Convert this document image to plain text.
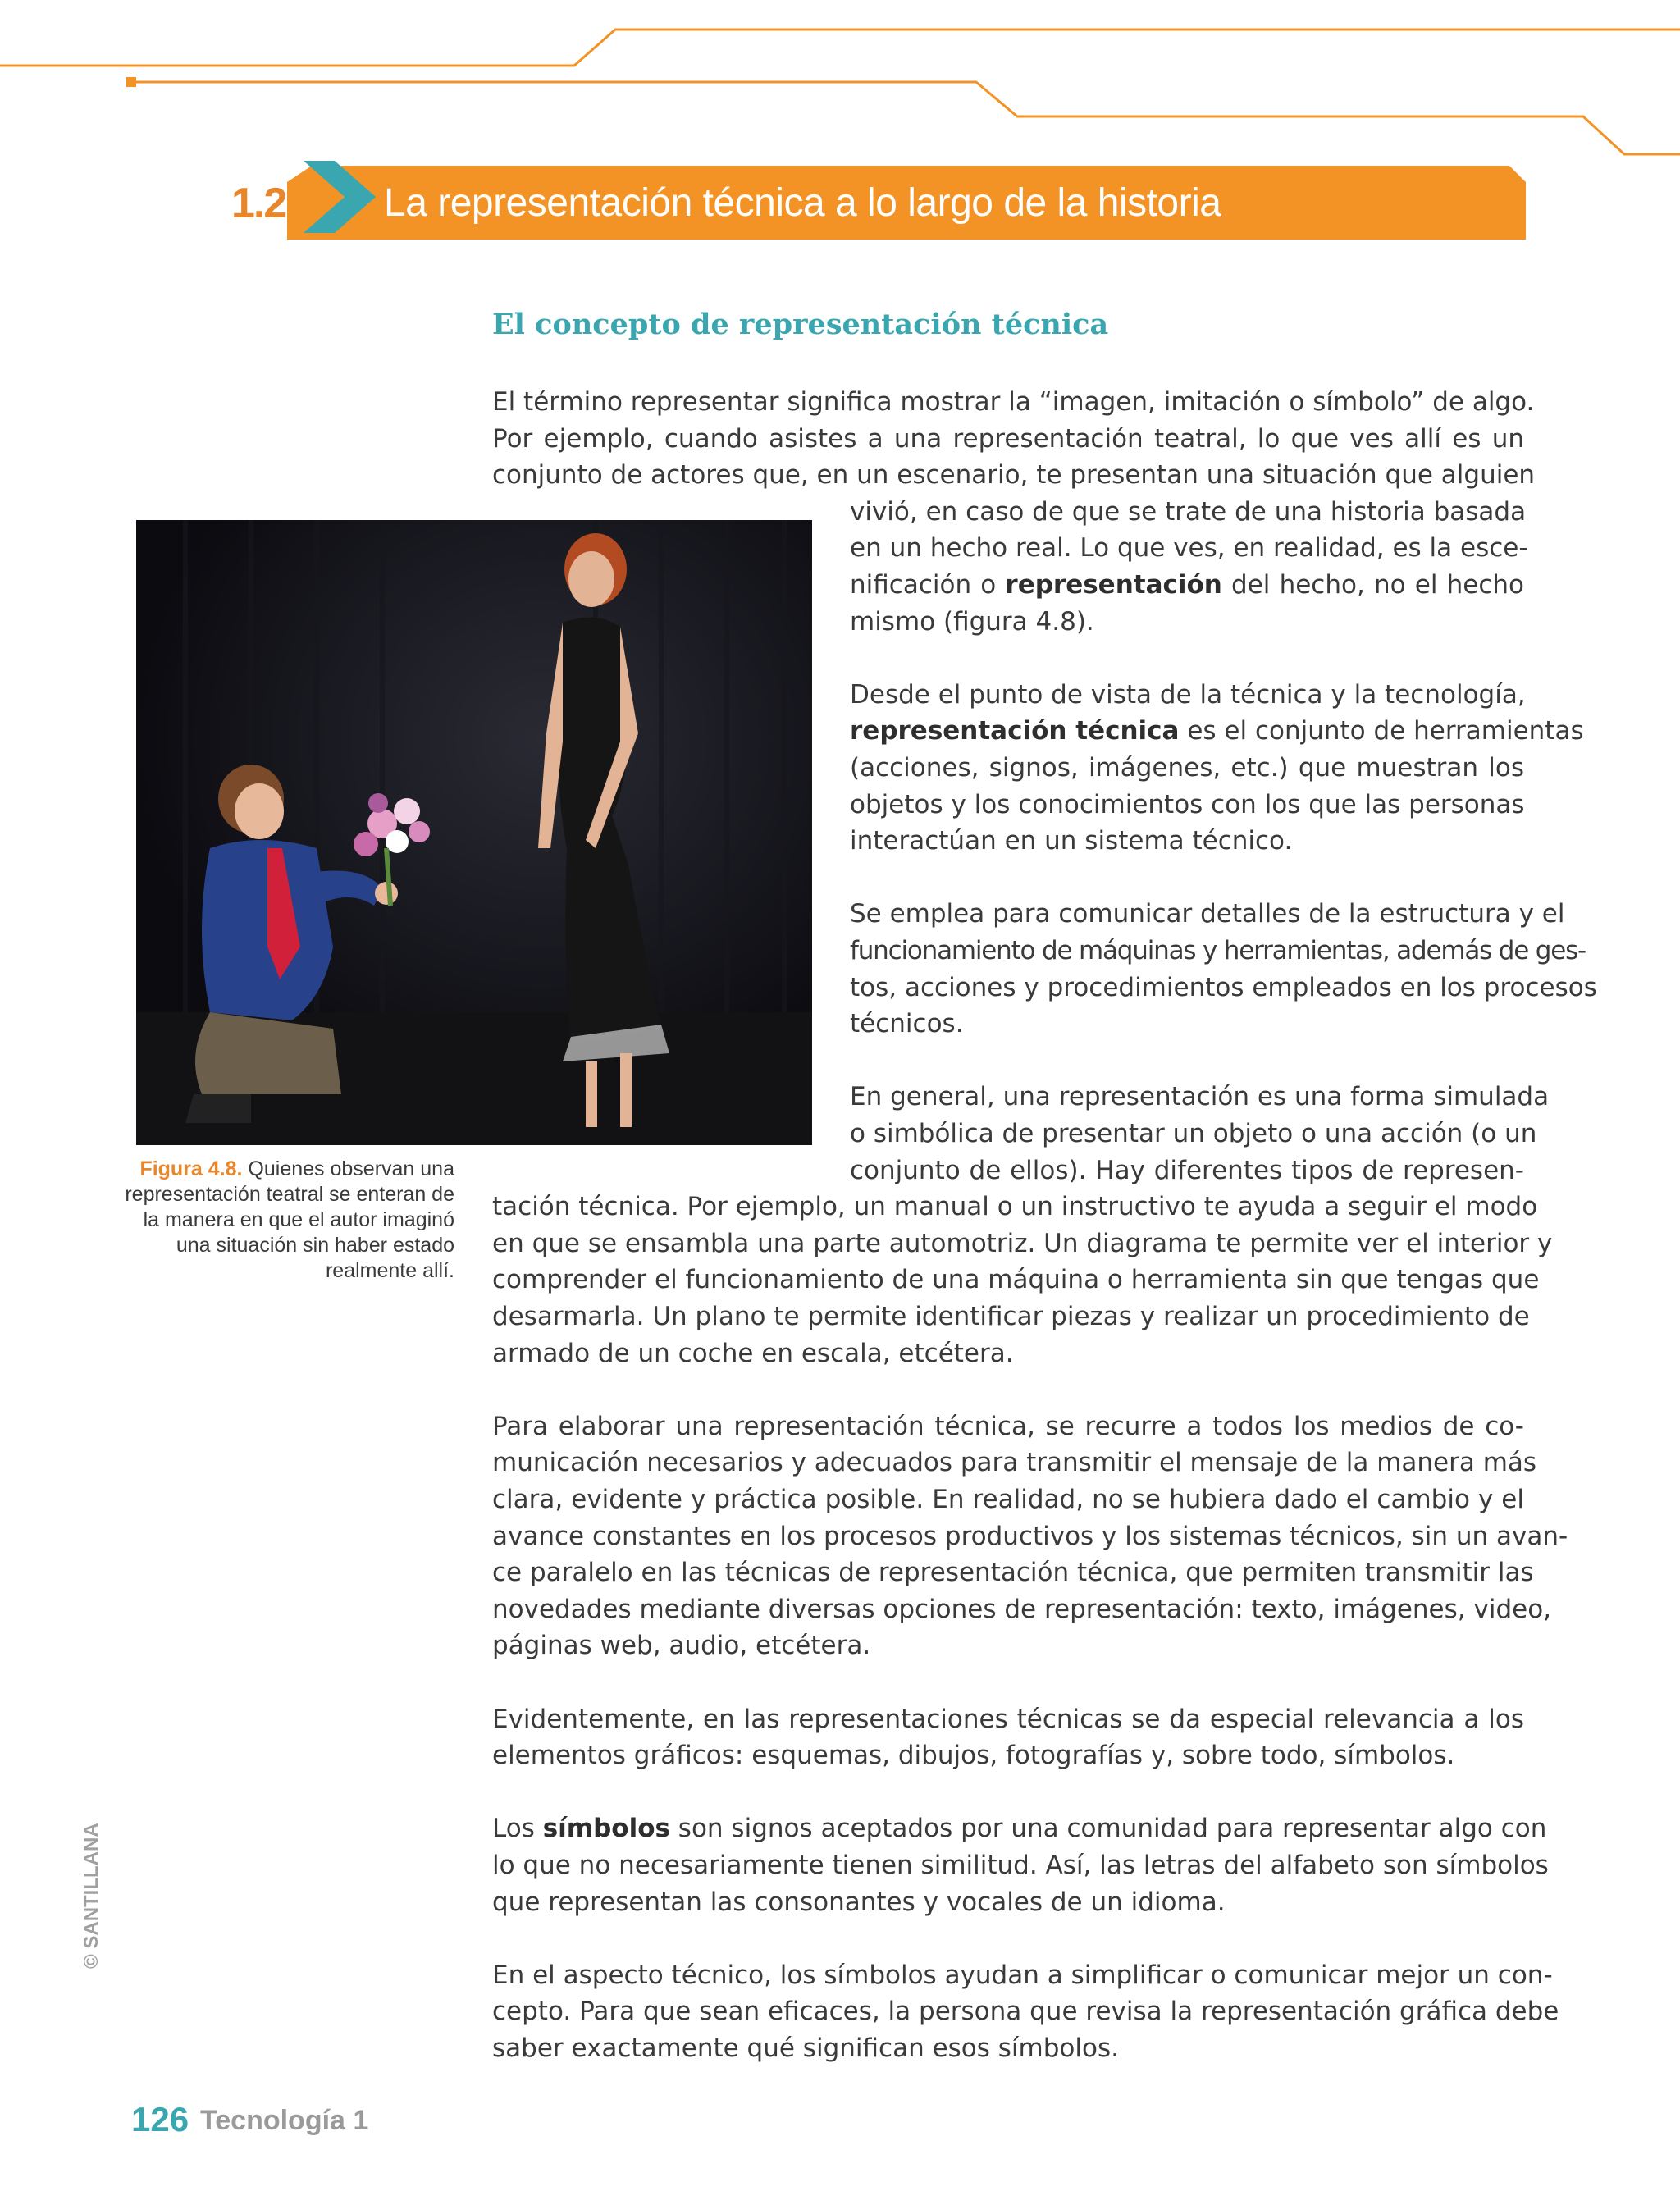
1.2 La representación técnica a lo largo de la historia
El concepto de representación técnica
El término representar significa mostrar la “imagen, imitación o símbolo” de algo.
Por ejemplo, cuando asistes a una representación teatral, lo que ves allí es un
conjunto de actores que, en un escenario, te presentan una situación que alguien
vivió, en caso de que se trate de una historia basada
en un hecho real. Lo que ves, en realidad, es la esce-
nificación o representación del hecho, no el hecho
mismo (figura 4.8).
Desde el punto de vista de la técnica y la tecnología,
representación técnica es el conjunto de herramientas
(acciones, signos, imágenes, etc.) que muestran los
objetos y los conocimientos con los que las personas
interactúan en un sistema técnico.
Se emplea para comunicar detalles de la estructura y el
funcionamiento de máquinas y herramientas, además de ges-
tos, acciones y procedimientos empleados en los procesos
técnicos.
En general, una representación es una forma simulada
o simbólica de presentar un objeto o una acción (o un
conjunto de ellos). Hay diferentes tipos de represen-
tación técnica. Por ejemplo, un manual o un instructivo te ayuda a seguir el modo
en que se ensambla una parte automotriz. Un diagrama te permite ver el interior y
comprender el funcionamiento de una máquina o herramienta sin que tengas que
desarmarla. Un plano te permite identificar piezas y realizar un procedimiento de
armado de un coche en escala, etcétera.
Para elaborar una representación técnica, se recurre a todos los medios de co-
municación necesarios y adecuados para transmitir el mensaje de la manera más
clara, evidente y práctica posible. En realidad, no se hubiera dado el cambio y el
avance constantes en los procesos productivos y los sistemas técnicos, sin un avan-
ce paralelo en las técnicas de representación técnica, que permiten transmitir las
novedades mediante diversas opciones de representación: texto, imágenes, video,
páginas web, audio, etcétera.
Evidentemente, en las representaciones técnicas se da especial relevancia a los
elementos gráficos: esquemas, dibujos, fotografías y, sobre todo, símbolos.
Los símbolos son signos aceptados por una comunidad para representar algo con
lo que no necesariamente tienen similitud. Así, las letras del alfabeto son símbolos
que representan las consonantes y vocales de un idioma.
En el aspecto técnico, los símbolos ayudan a simplificar o comunicar mejor un con-
cepto. Para que sean eficaces, la persona que revisa la representación gráfica debe
saber exactamente qué significan esos símbolos.
Figura 4.8. Quienes observan una representación teatral se enteran de la manera en que el autor imaginó una situación sin haber estado realmente allí.
© SANTILLANA
126 Tecnología 1
